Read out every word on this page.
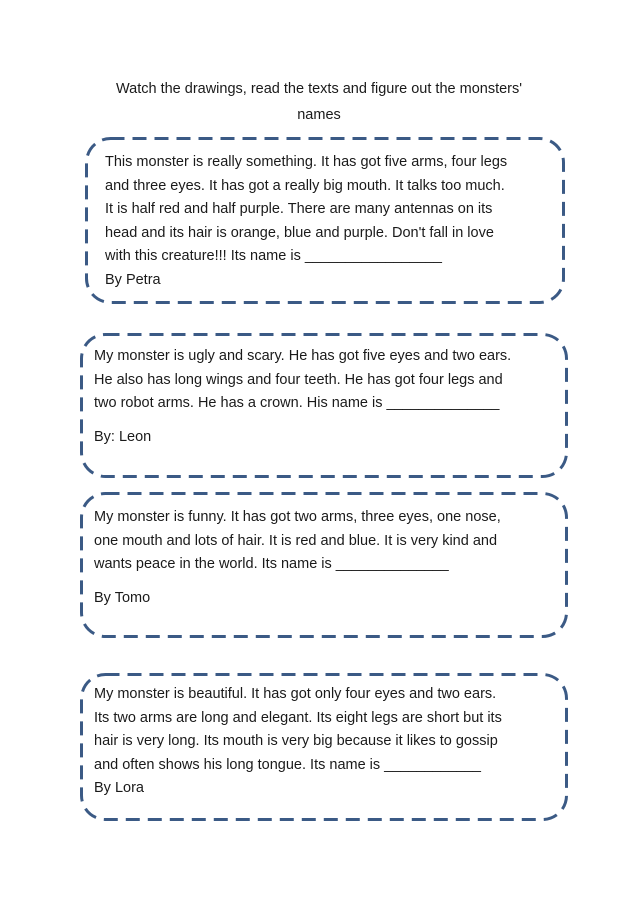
Watch the drawings, read the texts and figure out the monsters'
names
This monster is really something. It has got five arms, four legs
and three eyes. It has got a really big mouth. It talks too much.
It is half red and half purple. There are many antennas on its
head and its hair is orange, blue and purple. Don't fall in love
with this creature!!! Its name is _________________
By Petra
My monster is ugly and scary. He has got five eyes and two ears.
He also has long wings and four teeth. He has got four legs and
two robot arms. He has a crown. His name is ______________
By: Leon
My monster is funny. It has got two arms, three eyes, one nose,
one mouth and lots of hair. It is red and blue. It is very kind and
wants peace in the world. Its name is ______________
By Tomo
My monster is beautiful. It has got only four eyes and two ears.
Its two arms are long and elegant. Its eight legs are short but its
hair is very long. Its mouth is very big because it likes to gossip
and often shows his long tongue. Its name is ____________
By Lora
